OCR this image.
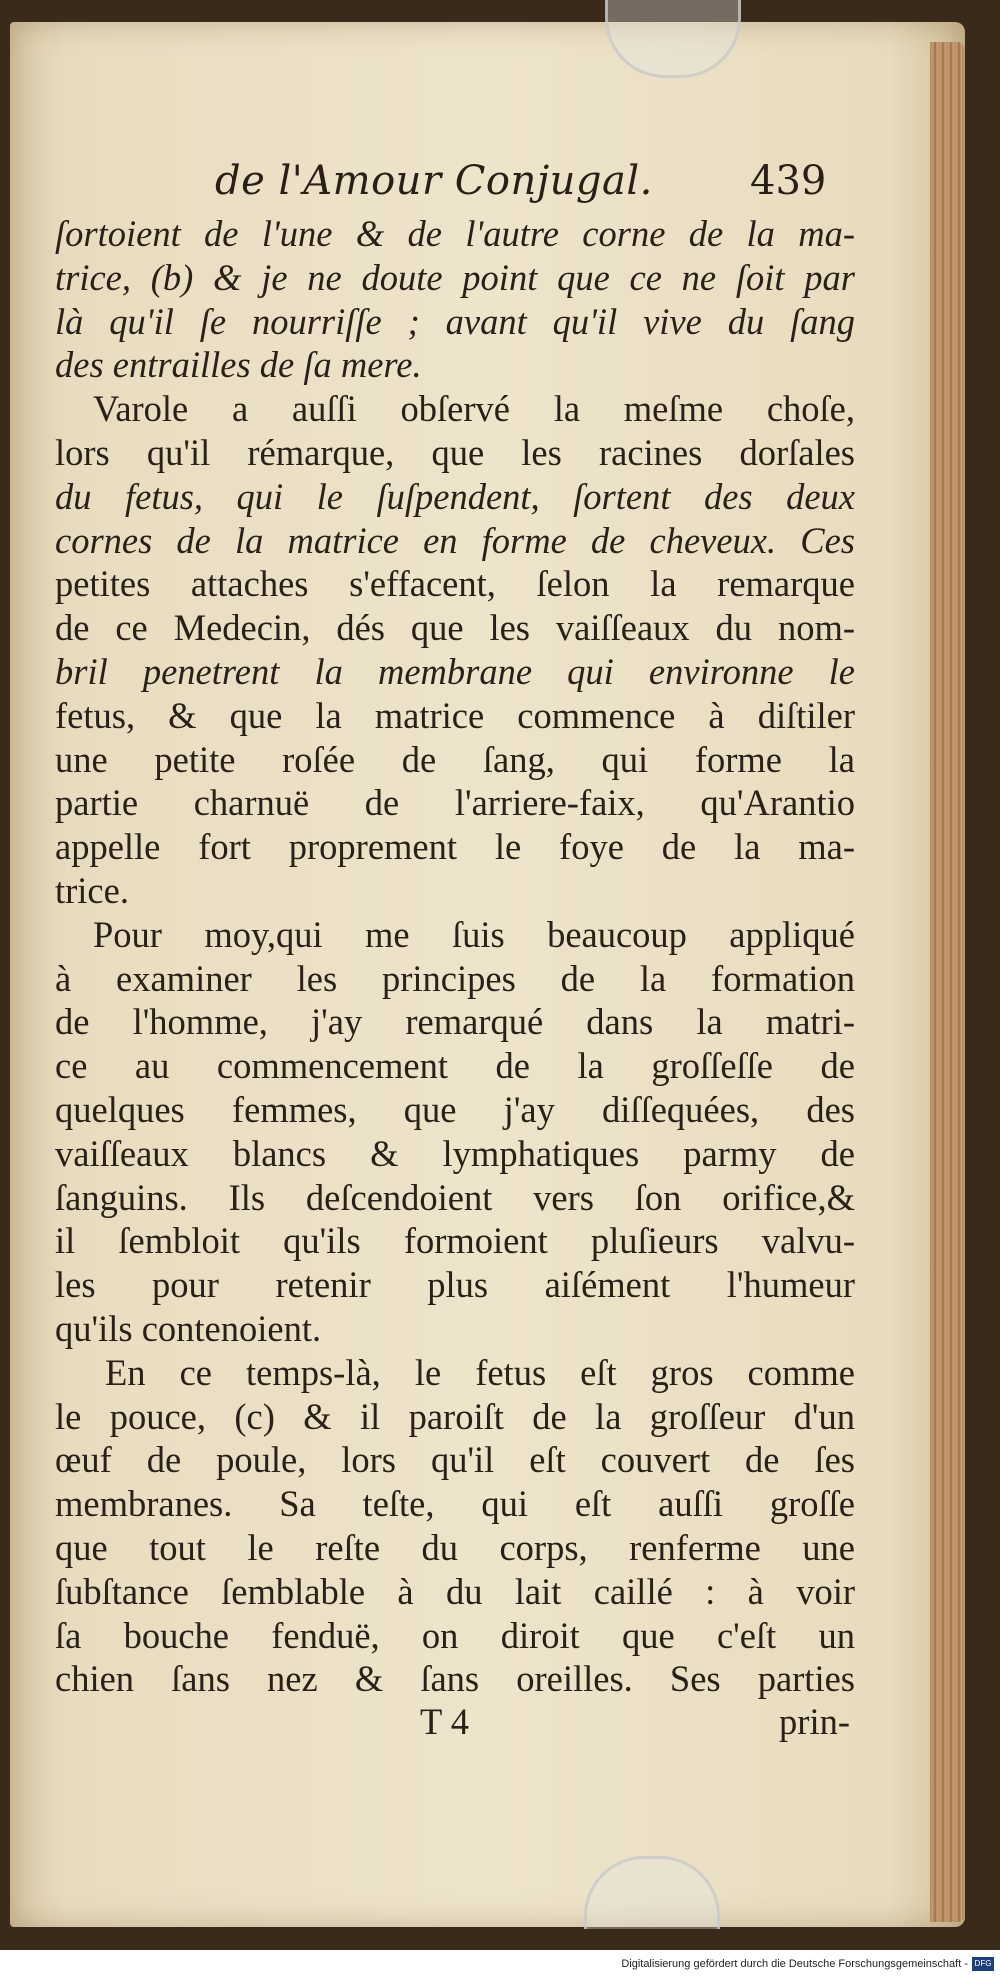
de l'Amour Conjugal. 439
ſortoient de l'une & de l'autre corne de la ma-
trice, (b) & je ne doute point que ce ne ſoit par
là qu'il ſe nourriſſe ; avant qu'il vive du ſang
des entrailles de ſa mere.
Varole a auſſi obſervé la meſme choſe,
lors qu'il rémarque, que les racines dorſales
du fetus, qui le ſuſpendent, ſortent des deux
cornes de la matrice en forme de cheveux. Ces
petites attaches s'effacent, ſelon la remarque
de ce Medecin, dés que les vaiſſeaux du nom-
bril penetrent la membrane qui environne le
fetus, & que la matrice commence à diſtiler
une petite roſée de ſang, qui forme la
partie charnuë de l'arriere-faix, qu'Arantio
appelle fort proprement le foye de la ma-
trice.
Pour moy,qui me ſuis beaucoup appliqué
à examiner les principes de la formation
de l'homme, j'ay remarqué dans la matri-
ce au commencement de la groſſeſſe de
quelques femmes, que j'ay diſſequées, des
vaiſſeaux blancs & lymphatiques parmy de
ſanguins. Ils deſcendoient vers ſon orifice,&
il ſembloit qu'ils formoient pluſieurs valvu-
les pour retenir plus aiſément l'humeur
qu'ils contenoient.
En ce temps-là, le fetus eſt gros comme
le pouce, (c) & il paroiſt de la groſſeur d'un
œuf de poule, lors qu'il eſt couvert de ſes
membranes. Sa teſte, qui eſt auſſi groſſe
que tout le reſte du corps, renferme une
ſubſtance ſemblable à du lait caillé : à voir
ſa bouche fenduë, on diroit que c'eſt un
chien ſans nez & ſans oreilles. Ses parties
T 4	prin-
Digitalisierung gefördert durch die Deutsche Forschungsgemeinschaft - DFG
